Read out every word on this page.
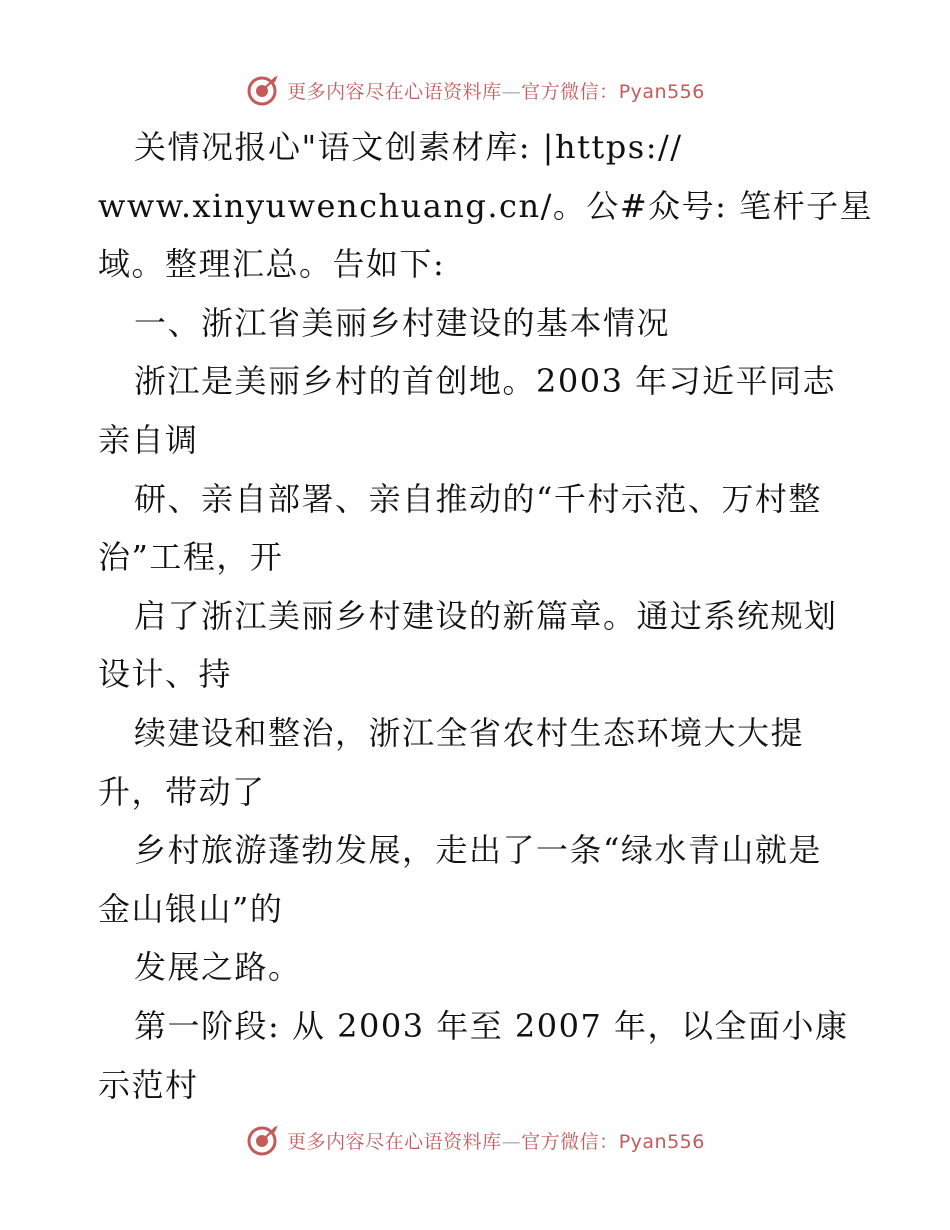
更多内容尽在心语资料库—官方微信：Pyan556
关情况报心"语文创素材库: |https://
www.xinyuwenchuang.cn/。公#众号: 笔杆子星
域。整理汇总。告如下:
一、浙江省美丽乡村建设的基本情况
浙江是美丽乡村的首创地。2003 年习近平同志
亲自调
研、亲自部署、亲自推动的“千村示范、万村整
治”工程，开
启了浙江美丽乡村建设的新篇章。通过系统规划
设计、持
续建设和整治，浙江全省农村生态环境大大提
升，带动了
乡村旅游蓬勃发展，走出了一条“绿水青山就是
金山银山”的
发展之路。
第一阶段: 从 2003 年至 2007 年，以全面小康
示范村
更多内容尽在心语资料库—官方微信：Pyan556
